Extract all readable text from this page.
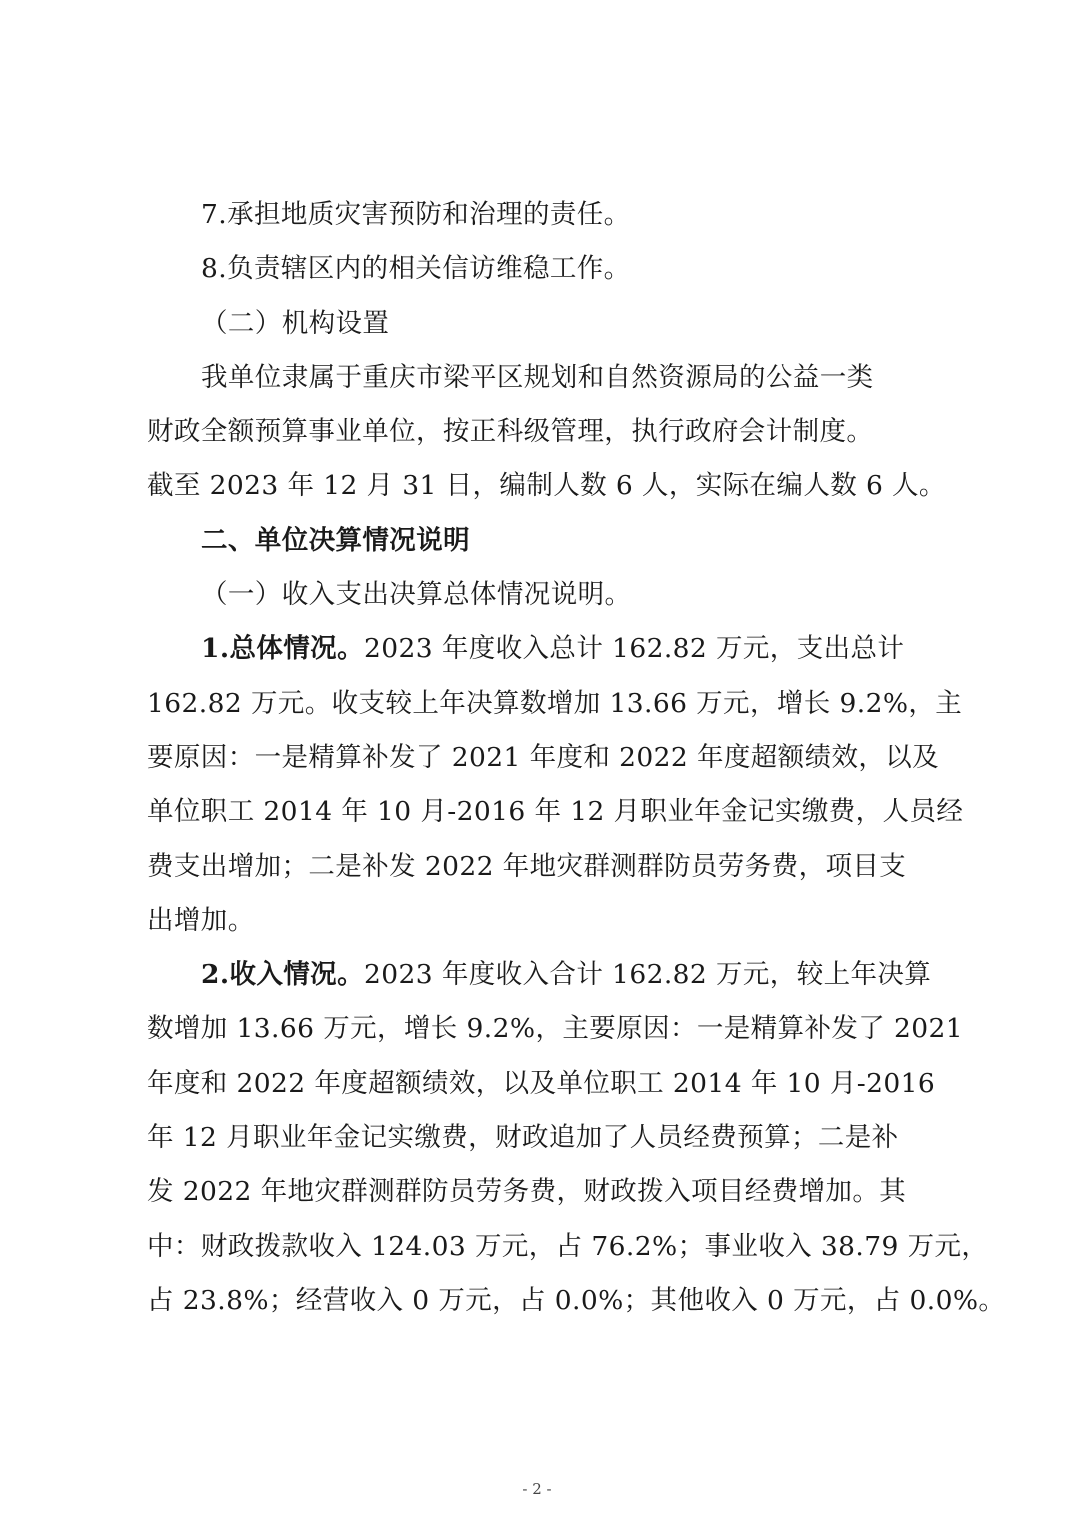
7.承担地质灾害预防和治理的责任。
8.负责辖区内的相关信访维稳工作。
（二）机构设置
我单位隶属于重庆市梁平区规划和自然资源局的公益一类
财政全额预算事业单位，按正科级管理，执行政府会计制度。
截至 2023 年 12 月 31 日，编制人数 6 人，实际在编人数 6 人。
二、单位决算情况说明
（一）收入支出决算总体情况说明。
1.总体情况。2023 年度收入总计 162.82 万元，支出总计
162.82 万元。收支较上年决算数增加 13.66 万元，增长 9.2%，主
要原因：一是精算补发了 2021 年度和 2022 年度超额绩效，以及
单位职工 2014 年 10 月-2016 年 12 月职业年金记实缴费，人员经
费支出增加；二是补发 2022 年地灾群测群防员劳务费，项目支
出增加。
2.收入情况。2023 年度收入合计 162.82 万元，较上年决算
数增加 13.66 万元，增长 9.2%，主要原因：一是精算补发了 2021
年度和 2022 年度超额绩效，以及单位职工 2014 年 10 月-2016
年 12 月职业年金记实缴费，财政追加了人员经费预算；二是补
发 2022 年地灾群测群防员劳务费，财政拨入项目经费增加。其
中：财政拨款收入 124.03 万元，占 76.2%；事业收入 38.79 万元，
占 23.8%；经营收入 0 万元，占 0.0%；其他收入 0 万元，占 0.0%。
- 2 -
